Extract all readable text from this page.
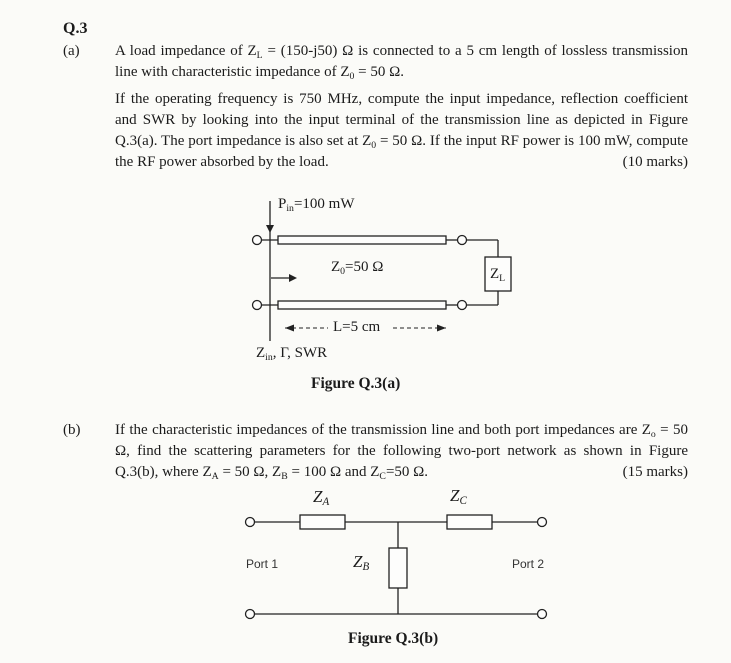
Q.3
(a)	A load impedance of $Z_L = (150-j50)$ Ω is connected to a 5 cm length of lossless transmission line with characteristic impedance of $Z_0 = 50$ Ω.

If the operating frequency is 750 MHz, compute the input impedance, reflection coefficient and SWR by looking into the input terminal of the transmission line as depicted in Figure Q.3(a). The port impedance is also set at $Z_0 = 50$ Ω. If the input RF power is 100 mW, compute the RF power absorbed by the load.	(10 marks)

$P_{in}=100$ mW
$Z_0=50$ Ω	$Z_L$
L=5 cm
$Z_{in}$, Γ, SWR
Figure Q.3(a)
(b)	If the characteristic impedances of the transmission line and both port impedances are $Z_o = 50$ Ω, find the scattering parameters for the following two-port network as shown in Figure Q.3(b), where $Z_A = 50$ Ω, $Z_B = 100$ Ω and $Z_C=50$ Ω.	(15 marks)

$Z_A$	$Z_C$
$Z_B$
Port 1	Port 2
Figure Q.3(b)
